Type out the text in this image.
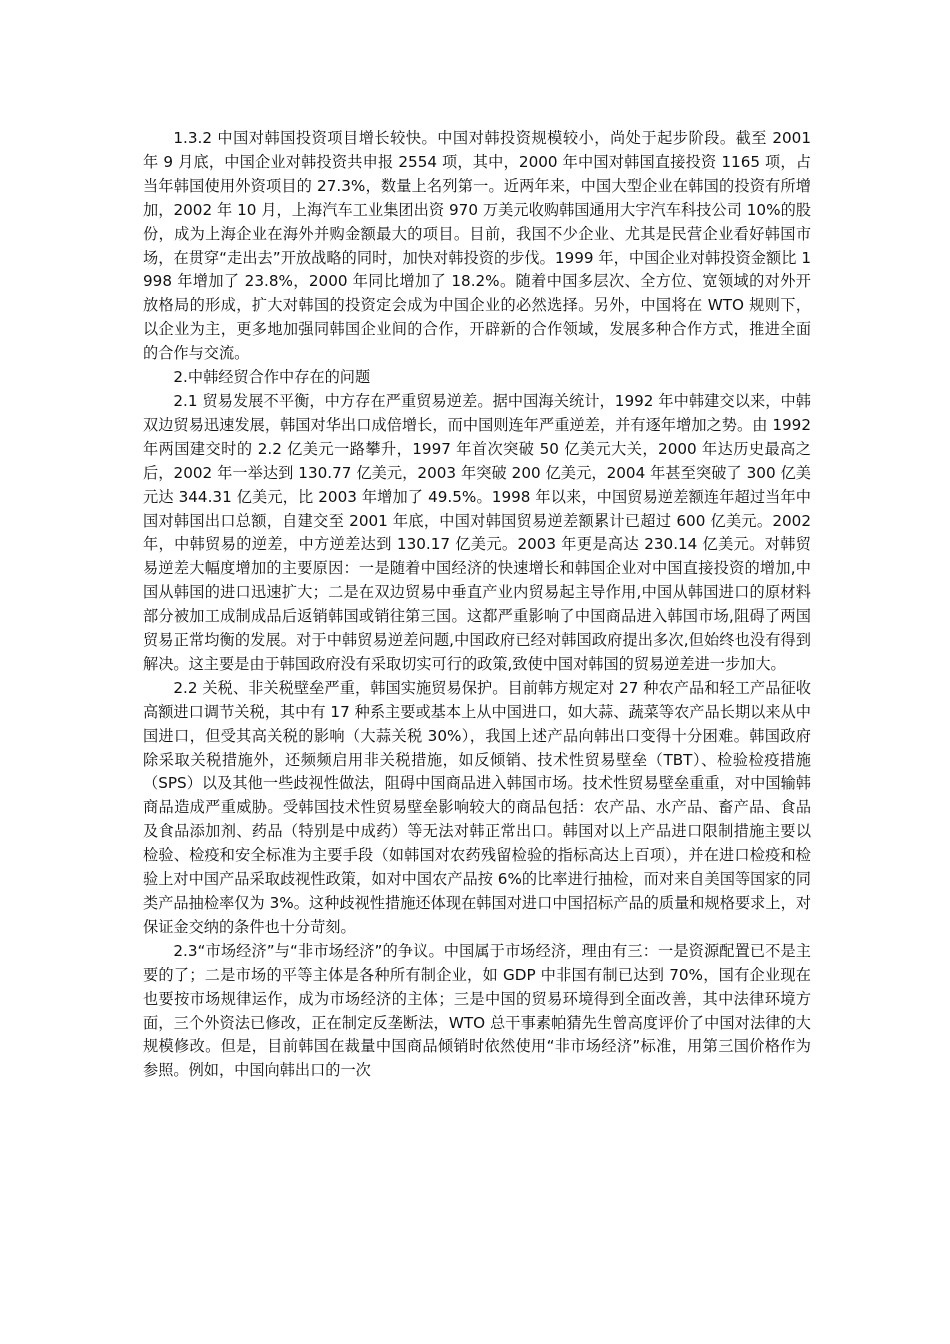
1.3.2 中国对韩国投资项目增长较快。中国对韩投资规模较小，尚处于起步阶段。截至 2001 年 9 月底，中国企业对韩投资共申报 2554 项，其中，2000 年中国对韩国直接投资 1165 项，占当年韩国使用外资项目的 27.3%，数量上名列第一。近两年来，中国大型企业在韩国的投资有所增加，2002 年 10 月，上海汽车工业集团出资 970 万美元收购韩国通用大宇汽车科技公司 10%的股份，成为上海企业在海外并购金额最大的项目。目前，我国不少企业、尤其是民营企业看好韩国市场，在贯穿“走出去”开放战略的同时，加快对韩投资的步伐。1999 年，中国企业对韩投资金额比 1998 年增加了 23.8%，2000 年同比增加了 18.2%。随着中国多层次、全方位、宽领域的对外开放格局的形成，扩大对韩国的投资定会成为中国企业的必然选择。另外，中国将在 WTO 规则下，以企业为主，更多地加强同韩国企业间的合作，开辟新的合作领域，发展多种合作方式，推进全面的合作与交流。

2.中韩经贸合作中存在的问题

2.1 贸易发展不平衡，中方存在严重贸易逆差。据中国海关统计，1992 年中韩建交以来，中韩双边贸易迅速发展，韩国对华出口成倍增长，而中国则连年严重逆差，并有逐年增加之势。由 1992 年两国建交时的 2.2 亿美元一路攀升，1997 年首次突破 50 亿美元大关，2000 年达历史最高之后，2002 年一举达到 130.77 亿美元，2003 年突破 200 亿美元，2004 年甚至突破了 300 亿美元达 344.31 亿美元，比 2003 年增加了 49.5%。1998 年以来，中国贸易逆差额连年超过当年中国对韩国出口总额，自建交至 2001 年底，中国对韩国贸易逆差额累计已超过 600 亿美元。2002 年，中韩贸易的逆差，中方逆差达到 130.17 亿美元。2003 年更是高达 230.14 亿美元。对韩贸易逆差大幅度增加的主要原因：一是随着中国经济的快速增长和韩国企业对中国直接投资的增加,中国从韩国的进口迅速扩大；二是在双边贸易中垂直产业内贸易起主导作用,中国从韩国进口的原材料部分被加工成制成品后返销韩国或销往第三国。这都严重影响了中国商品进入韩国市场,阻碍了两国贸易正常均衡的发展。对于中韩贸易逆差问题,中国政府已经对韩国政府提出多次,但始终也没有得到解决。这主要是由于韩国政府没有采取切实可行的政策,致使中国对韩国的贸易逆差进一步加大。

2.2 关税、非关税壁垒严重，韩国实施贸易保护。目前韩方规定对 27 种农产品和轻工产品征收高额进口调节关税，其中有 17 种系主要或基本上从中国进口，如大蒜、蔬菜等农产品长期以来从中国进口，但受其高关税的影响（大蒜关税 30%），我国上述产品向韩出口变得十分困难。韩国政府除采取关税措施外，还频频启用非关税措施，如反倾销、技术性贸易壁垒（TBT）、检验检疫措施（SPS）以及其他一些歧视性做法，阻碍中国商品进入韩国市场。技术性贸易壁垒重重，对中国输韩商品造成严重威胁。受韩国技术性贸易壁垒影响较大的商品包括：农产品、水产品、畜产品、食品及食品添加剂、药品（特别是中成药）等无法对韩正常出口。韩国对以上产品进口限制措施主要以检验、检疫和安全标准为主要手段（如韩国对农药残留检验的指标高达上百项），并在进口检疫和检验上对中国产品采取歧视性政策，如对中国农产品按 6%的比率进行抽检，而对来自美国等国家的同类产品抽检率仅为 3%。这种歧视性措施还体现在韩国对进口中国招标产品的质量和规格要求上，对保证金交纳的条件也十分苛刻。

2.3“市场经济”与“非市场经济”的争议。中国属于市场经济，理由有三：一是资源配置已不是主要的了；二是市场的平等主体是各种所有制企业，如 GDP 中非国有制已达到 70%，国有企业现在也要按市场规律运作，成为市场经济的主体；三是中国的贸易环境得到全面改善，其中法律环境方面，三个外资法已修改，正在制定反垄断法，WTO 总干事素帕猜先生曾高度评价了中国对法律的大规模修改。但是，目前韩国在裁量中国商品倾销时依然使用“非市场经济”标准，用第三国价格作为参照。例如，中国向韩出口的一次
